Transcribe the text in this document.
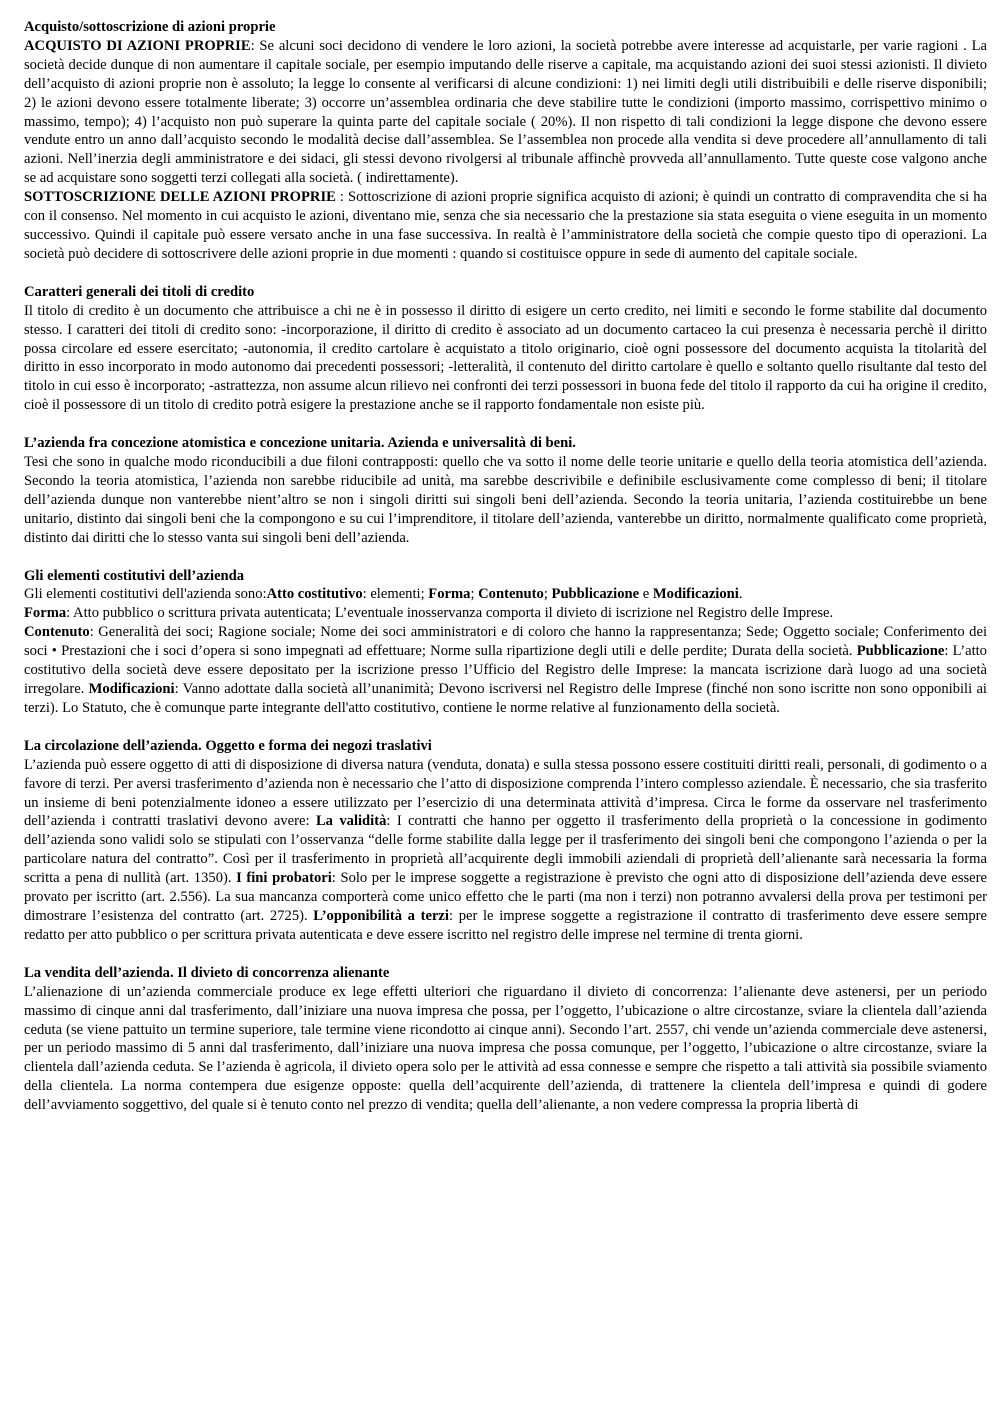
Acquisto/sottoscrizione di azioni proprie

ACQUISTO DI AZIONI PROPRIE: Se alcuni soci decidono di vendere le loro azioni, la società potrebbe avere interesse ad acquistarle, per varie ragioni . La società decide dunque di non aumentare il capitale sociale, per esempio imputando delle riserve a capitale, ma acquistando azioni dei suoi stessi azionisti. Il divieto dell’acquisto di azioni proprie non è assoluto; la legge lo consente al verificarsi di alcune condizioni: 1) nei limiti degli utili distribuibili e delle riserve disponibili; 2) le azioni devono essere totalmente liberate; 3) occorre un’assemblea ordinaria che deve stabilire tutte le condizioni (importo massimo, corrispettivo minimo o massimo, tempo); 4) l’acquisto non può superare la quinta parte del capitale sociale ( 20%). Il non rispetto di tali condizioni la legge dispone che devono essere vendute entro un anno dall’acquisto secondo le modalità decise dall’assemblea. Se l’assemblea non procede alla vendita si deve procedere all’annullamento di tali azioni. Nell’inerzia degli amministratore e dei sidaci, gli stessi devono rivolgersi al tribunale affinchè provveda all’annullamento. Tutte queste cose valgono anche se ad acquistare sono soggetti terzi collegati alla società. ( indirettamente).

SOTTOSCRIZIONE DELLE AZIONI PROPRIE : Sottoscrizione di azioni proprie significa acquisto di azioni; è quindi un contratto di compravendita che si ha con il consenso. Nel momento in cui acquisto le azioni, diventano mie, senza che sia necessario che la prestazione sia stata eseguita o viene eseguita in un momento successivo. Quindi il capitale può essere versato anche in una fase successiva. In realtà è l’amministratore della società che compie questo tipo di operazioni. La società può decidere di sottoscrivere delle azioni proprie in due momenti : quando si costituisce oppure in sede di aumento del capitale sociale.

Caratteri generali dei titoli di credito

Il titolo di credito è un documento che attribuisce a chi ne è in possesso il diritto di esigere un certo credito, nei limiti e secondo le forme stabilite dal documento stesso. I caratteri dei titoli di credito sono: -incorporazione, il diritto di credito è associato ad un documento cartaceo la cui presenza è necessaria perchè il diritto possa circolare ed essere esercitato; -autonomia, il credito cartolare è acquistato a titolo originario, cioè ogni possessore del documento acquista la titolarità del diritto in esso incorporato in modo autonomo dai precedenti possessori; -letteralità, il contenuto del diritto cartolare è quello e soltanto quello risultante dal testo del titolo in cui esso è incorporato; -astrattezza, non assume alcun rilievo nei confronti dei terzi possessori in buona fede del titolo il rapporto da cui ha origine il credito, cioè il possessore di un titolo di credito potrà esigere la prestazione anche se il rapporto fondamentale non esiste più.

L’azienda fra concezione atomistica e concezione unitaria. Azienda e universalità di beni.

Tesi che sono in qualche modo riconducibili a due filoni contrapposti: quello che va sotto il nome delle teorie unitarie e quello della teoria atomistica dell’azienda. Secondo la teoria atomistica, l’azienda non sarebbe riducibile ad unità, ma sarebbe descrivibile e definibile esclusivamente come complesso di beni; il titolare dell’azienda dunque non vanterebbe nient’altro se non i singoli diritti sui singoli beni dell’azienda. Secondo la teoria unitaria, l’azienda costituirebbe un bene unitario, distinto dai singoli beni che la compongono e su cui l’imprenditore, il titolare dell’azienda, vanterebbe un diritto, normalmente qualificato come proprietà, distinto dai diritti che lo stesso vanta sui singoli beni dell’azienda.

Gli elementi costitutivi dell’azienda

Gli elementi costitutivi dell'azienda sono:Atto costitutivo: elementi; Forma; Contenuto; Pubblicazione e Modificazioni.

Forma: Atto pubblico o scrittura privata autenticata; L’eventuale inosservanza comporta il divieto di iscrizione nel Registro delle Imprese.

Contenuto: Generalità dei soci; Ragione sociale; Nome dei soci amministratori e di coloro che hanno la rappresentanza; Sede; Oggetto sociale; Conferimento dei soci • Prestazioni che i soci d’opera si sono impegnati ad effettuare; Norme sulla ripartizione degli utili e delle perdite; Durata della società. Pubblicazione: L’atto costitutivo della società deve essere depositato per la iscrizione presso l’Ufficio del Registro delle Imprese: la mancata iscrizione darà luogo ad una società irregolare. Modificazioni: Vanno adottate dalla società all’unanimità; Devono iscriversi nel Registro delle Imprese (finché non sono iscritte non sono opponibili ai terzi). Lo Statuto, che è comunque parte integrante dell'atto costitutivo, contiene le norme relative al funzionamento della società.

La circolazione dell’azienda. Oggetto e forma dei negozi traslativi

L’azienda può essere oggetto di atti di disposizione di diversa natura (venduta, donata) e sulla stessa possono essere costituiti diritti reali, personali, di godimento o a favore di terzi. Per aversi trasferimento d’azienda non è necessario che l’atto di disposizione comprenda l’intero complesso aziendale. È necessario, che sia trasferito un insieme di beni potenzialmente idoneo a essere utilizzato per l’esercizio di una determinata attività d’impresa. Circa le forme da osservare nel trasferimento dell’azienda i contratti traslativi devono avere: La validità: I contratti che hanno per oggetto il trasferimento della proprietà o la concessione in godimento dell’azienda sono validi solo se stipulati con l’osservanza “delle forme stabilite dalla legge per il trasferimento dei singoli beni che compongono l’azienda o per la particolare natura del contratto”. Così per il trasferimento in proprietà all’acquirente degli immobili aziendali di proprietà dell’alienante sarà necessaria la forma scritta a pena di nullità (art. 1350). I fini probatori: Solo per le imprese soggette a registrazione è previsto che ogni atto di disposizione dell’azienda deve essere provato per iscritto (art. 2.556). La sua mancanza comporterà come unico effetto che le parti (ma non i terzi) non potranno avvalersi della prova per testimoni per dimostrare l’esistenza del contratto (art. 2725). L’opponibilità a terzi: per le imprese soggette a registrazione il contratto di trasferimento deve essere sempre redatto per atto pubblico o per scrittura privata autenticata e deve essere iscritto nel registro delle imprese nel termine di trenta giorni.

La vendita dell’azienda. Il divieto di concorrenza alienante

L’alienazione di un’azienda commerciale produce ex lege effetti ulteriori che riguardano il divieto di concorrenza: l’alienante deve astenersi, per un periodo massimo di cinque anni dal trasferimento, dall’iniziare una nuova impresa che possa, per l’oggetto, l’ubicazione o altre circostanze, sviare la clientela dall’azienda ceduta (se viene pattuito un termine superiore, tale termine viene ricondotto ai cinque anni). Secondo l’art. 2557, chi vende un’azienda commerciale deve astenersi, per un periodo massimo di 5 anni dal trasferimento, dall’iniziare una nuova impresa che possa comunque, per l’oggetto, l’ubicazione o altre circostanze, sviare la clientela dall’azienda ceduta. Se l’azienda è agricola, il divieto opera solo per le attività ad essa connesse e sempre che rispetto a tali attività sia possibile sviamento della clientela. La norma contempera due esigenze opposte: quella dell’acquirente dell’azienda, di trattenere la clientela dell’impresa e quindi di godere dell’avviamento soggettivo, del quale si è tenuto conto nel prezzo di vendita; quella dell’alienante, a non vedere compressa la propria libertà di
